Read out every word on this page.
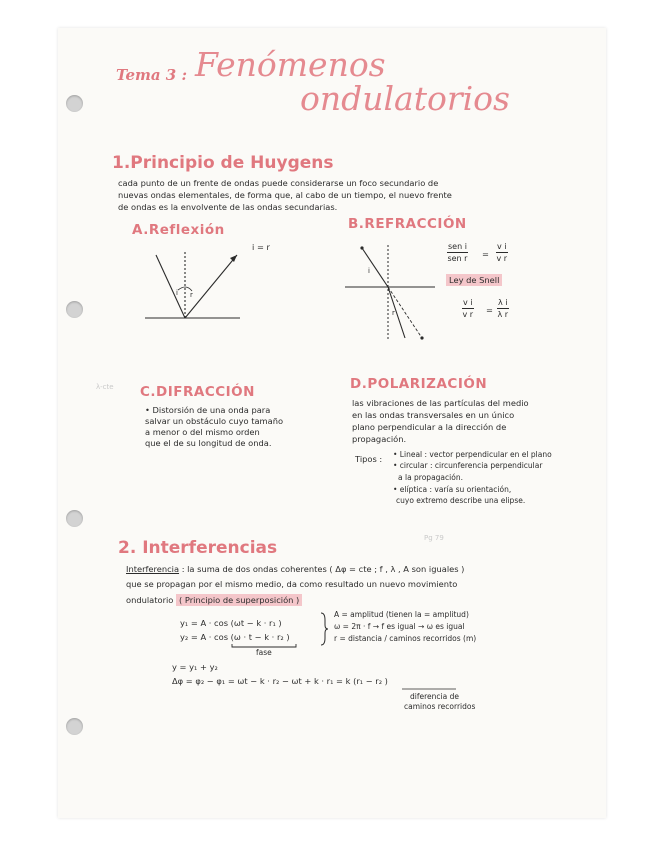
Pg 79
λ-cte
Tema 3 : Fenómenos
ondulatorios
1.Principio de Huygens
cada punto de un frente de ondas puede considerarse un foco secundario de
nuevas ondas elementales, de forma que, al cabo de un tiempo, el nuevo frente
de ondas es la envolvente de las ondas secundarias.
A.Reflexión
i = r
i r
B.REFRACCIÓN
i
r
sen i
sen $r = \frac{\text{v i}}{\text{v r}}$
Ley de Snell
$\frac{\text{v i}}{\text{v r}} = \frac{\text{λ i}}{\text{λ r}}$
C.DIFRACCIÓN
• Distorsión de una onda para
salvar un obstáculo cuyo tamaño
a menor o del mismo orden
que el de su longitud de onda.
D.POLARIZACIÓN
las vibraciones de las partículas del medio
en las ondas transversales en un único
plano perpendicular a la dirección de
propagación.
Tipos : • Lineal : vector perpendicular en el plano
• circular : circunferencia perpendicular
a la propagación.
• elíptica : varía su orientación,
cuyo extremo describe una elipse.
2. Interferencias
Interferencia : la suma de dos ondas coherentes ( Δφ = cte ; f , λ , A son iguales )
que se propagan por el mismo medio, da como resultado un nuevo movimiento
ondulatorio ( Principio de superposición )
y₁ = A · cos (ωt − k · r₁ )
y₂ = A · cos (ω · t − k · r₂ )
fase
A = amplitud (tienen la = amplitud)
ω = 2π · f → f es igual → ω es igual
r = distancia / caminos recorridos (m)
y = y₁ + y₂
Δφ = φ₂ − φ₁ = ωt − k · r₂ − ωt + k · r₁ = k (r₁ − r₂ )
diferencia de
caminos recorridos
